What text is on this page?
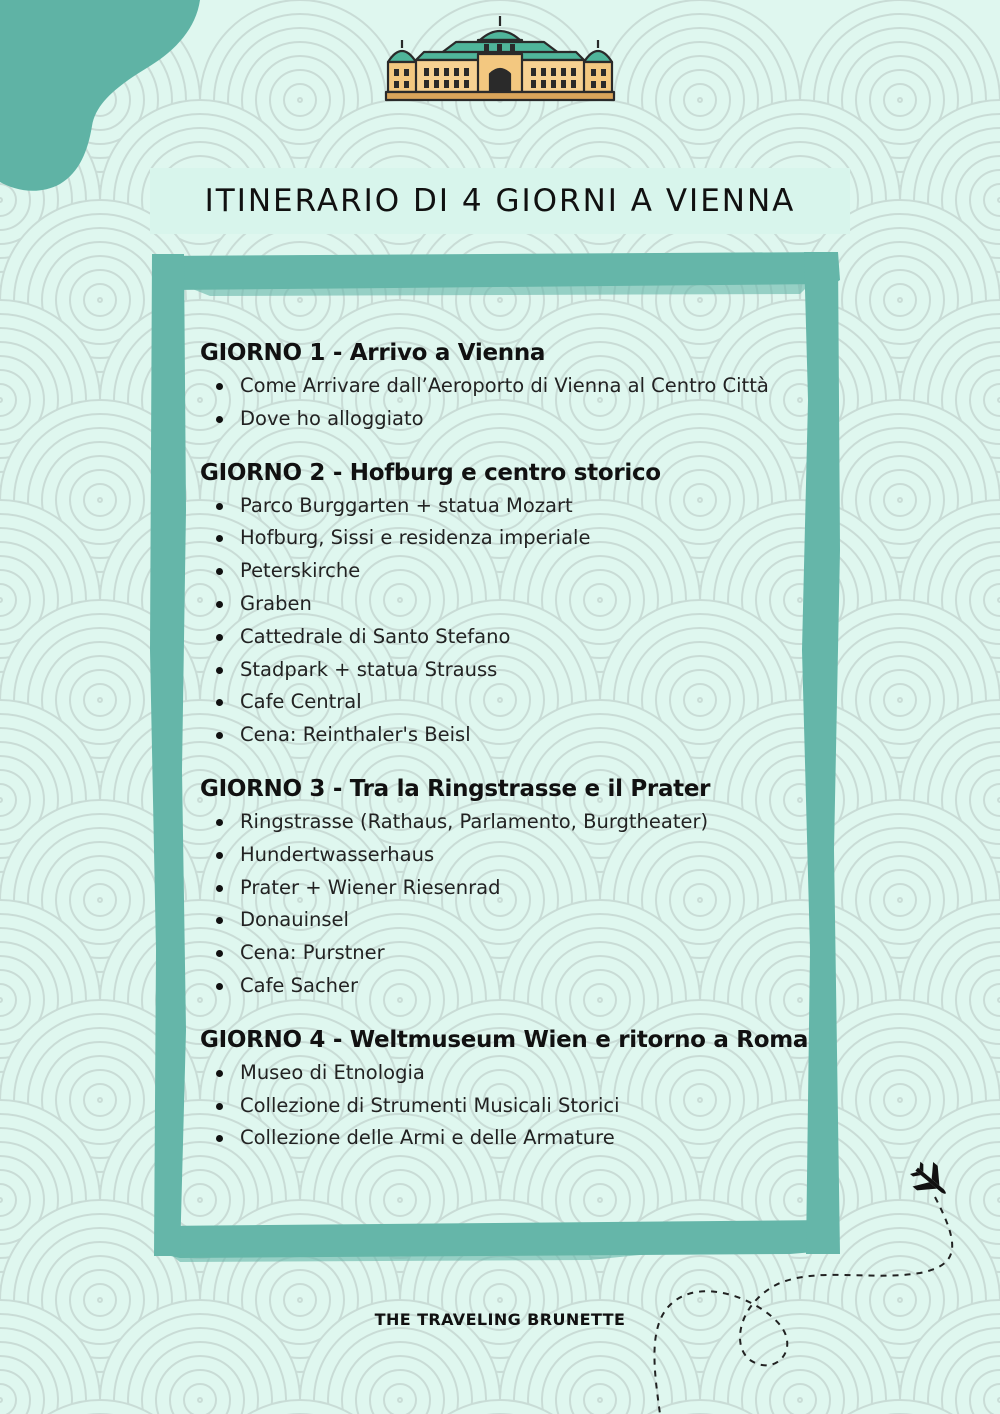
ITINERARIO DI 4 GIORNI A VIENNA
GIORNO 1 - Arrivo a Vienna
Come Arrivare dall’Aeroporto di Vienna al Centro Città
Dove ho alloggiato
GIORNO 2 - Hofburg e centro storico
Parco Burggarten + statua Mozart
Hofburg, Sissi e residenza imperiale
Peterskirche
Graben
Cattedrale di Santo Stefano
Stadpark + statua Strauss
Cafe Central
Cena: Reinthaler's Beisl
GIORNO 3 - Tra la Ringstrasse e il Prater
Ringstrasse (Rathaus, Parlamento, Burgtheater)
Hundertwasserhaus
Prater + Wiener Riesenrad
Donauinsel
Cena: Purstner
Cafe Sacher
GIORNO 4 - Weltmuseum Wien e ritorno a Roma
Museo di Etnologia
Collezione di Strumenti Musicali Storici
Collezione delle Armi e delle Armature
THE TRAVELING BRUNETTE
